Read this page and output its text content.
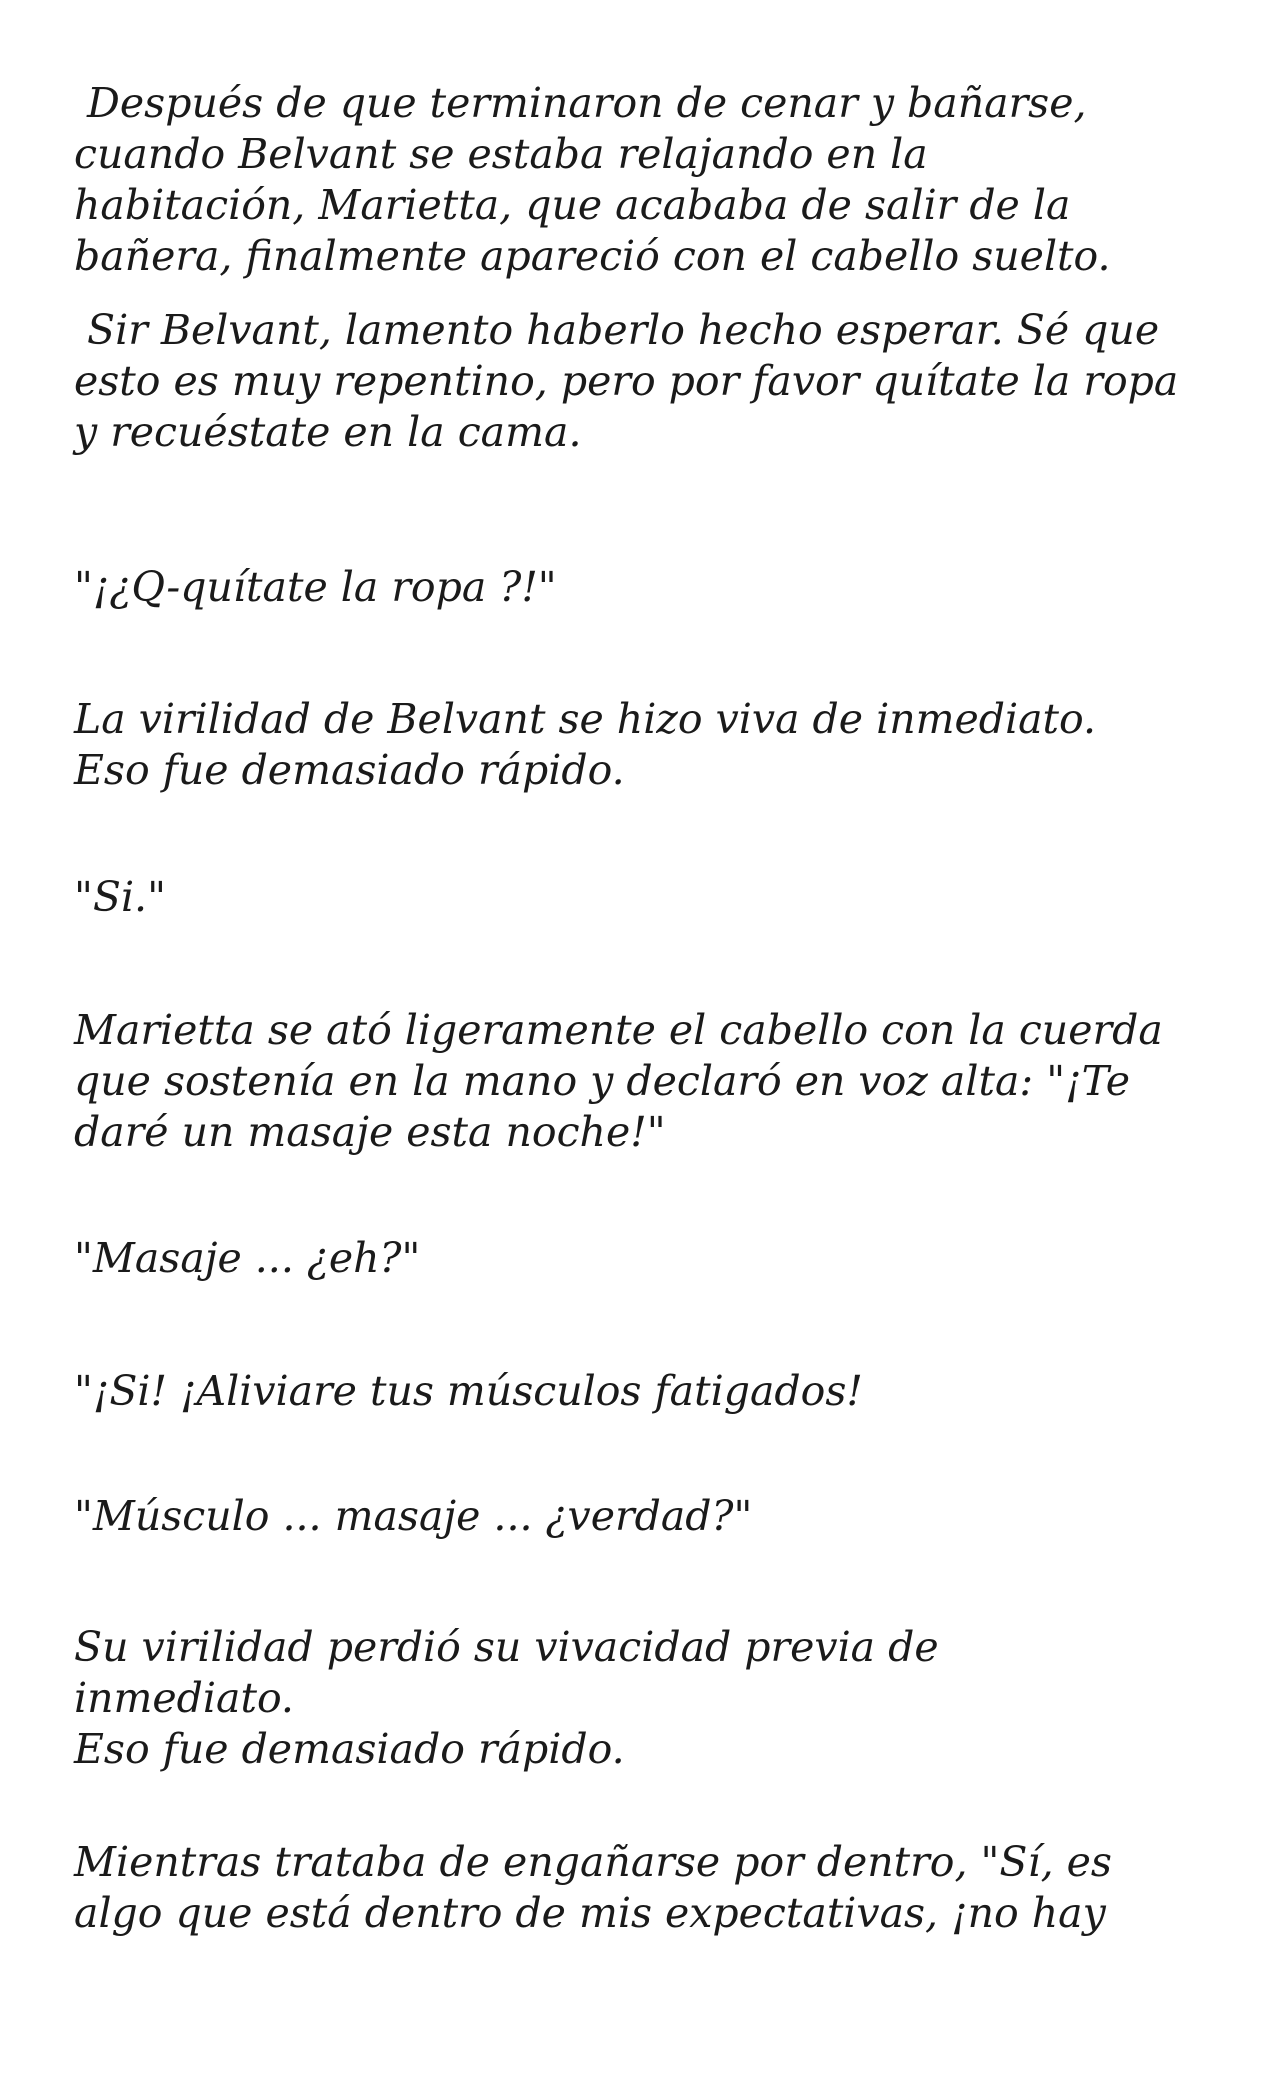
Después de que terminaron de cenar y bañarse,
cuando Belvant se estaba relajando en la
habitación, Marietta, que acababa de salir de la
bañera, finalmente apareció con el cabello suelto.
Sir Belvant, lamento haberlo hecho esperar. Sé que
esto es muy repentino, pero por favor quítate la ropa
y recuéstate en la cama.
"¡¿Q-quítate la ropa ?!"
La virilidad de Belvant se hizo viva de inmediato.
Eso fue demasiado rápido.
"Si."
Marietta se ató ligeramente el cabello con la cuerda
que sostenía en la mano y declaró en voz alta: "¡Te
daré un masaje esta noche!"
"Masaje ... ¿eh?"
"¡Si! ¡Aliviare tus músculos fatigados!
"Músculo ... masaje ... ¿verdad?"
Su virilidad perdió su vivacidad previa de
inmediato.
Eso fue demasiado rápido.
Mientras trataba de engañarse por dentro, "Sí, es
algo que está dentro de mis expectativas, ¡no hay
